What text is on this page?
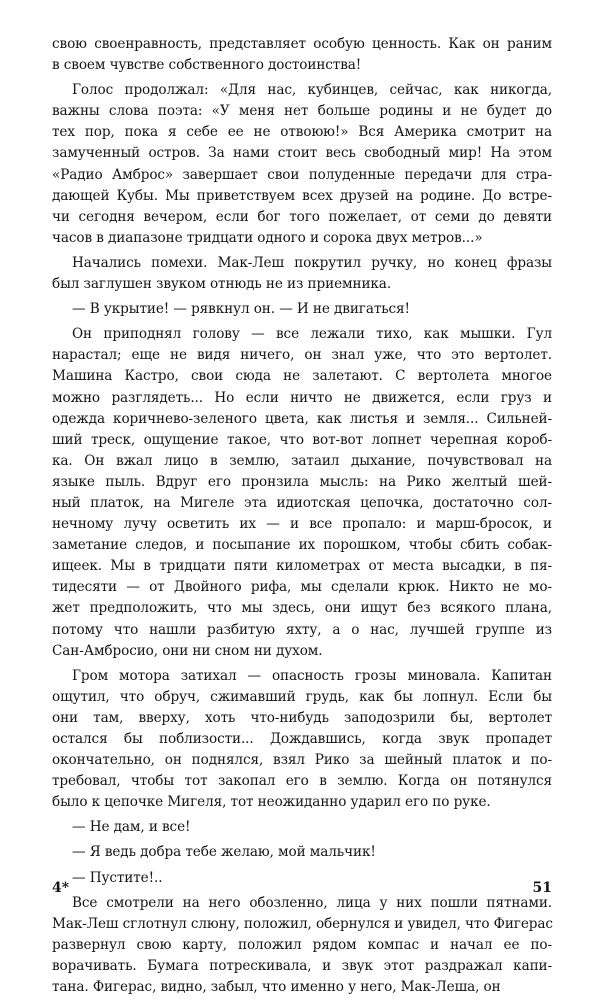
свою своенравность, представляет особую ценность. Как он раним
в своем чувстве собственного достоинства!
Голос продолжал: «Для нас, кубинцев, сейчас, как никогда,
важны слова поэта: «У меня нет больше родины и не будет до
тех пор, пока я себе ее не отвоюю!» Вся Америка смотрит на
замученный остров. За нами стоит весь свободный мир! На этом
«Радио Амброс» завершает свои полуденные передачи для стра-
дающей Кубы. Мы приветствуем всех друзей на родине. До встре-
чи сегодня вечером, если бог того пожелает, от семи до девяти
часов в диапазоне тридцати одного и сорока двух метров...»
Начались помехи. Мак-Леш покрутил ручку, но конец фразы
был заглушен звуком отнюдь не из приемника.
— В укрытие! — рявкнул он. — И не двигаться!
Он приподнял голову — все лежали тихо, как мышки. Гул
нарастал; еще не видя ничего, он знал уже, что это вертолет.
Машина Кастро, свои сюда не залетают. С вертолета многое
можно разглядеть... Но если ничто не движется, если груз и
одежда коричнево-зеленого цвета, как листья и земля... Сильней-
ший треск, ощущение такое, что вот-вот лопнет черепная короб-
ка. Он вжал лицо в землю, затаил дыхание, почувствовал на
языке пыль. Вдруг его пронзила мысль: на Рико желтый шей-
ный платок, на Мигеле эта идиотская цепочка, достаточно сол-
нечному лучу осветить их — и все пропало: и марш-бросок, и
заметание следов, и посыпание их порошком, чтобы сбить собак-
ищеек. Мы в тридцати пяти километрах от места высадки, в пя-
тидесяти — от Двойного рифа, мы сделали крюк. Никто не мо-
жет предположить, что мы здесь, они ищут без всякого плана,
потому что нашли разбитую яхту, а о нас, лучшей группе из
Сан-Амбросио, они ни сном ни духом.
Гром мотора затихал — опасность грозы миновала. Капитан
ощутил, что обруч, сжимавший грудь, как бы лопнул. Если бы
они там, вверху, хоть что-нибудь заподозрили бы, вертолет
остался бы поблизости... Дождавшись, когда звук пропадет
окончательно, он поднялся, взял Рико за шейный платок и по-
требовал, чтобы тот закопал его в землю. Когда он потянулся
было к цепочке Мигеля, тот неожиданно ударил его по руке.
— Не дам, и все!
— Я ведь добра тебе желаю, мой мальчик!
— Пустите!..
Все смотрели на него обозленно, лица у них пошли пятнами.
Мак-Леш сглотнул слюну, положил, обернулся и увидел, что Фигерас
развернул свою карту, положил рядом компас и начал ее по-
ворачивать. Бумага потрескивала, и звук этот раздражал капи-
тана. Фигерас, видно, забыл, что именно у него, Мак-Леша, он
4*	51
